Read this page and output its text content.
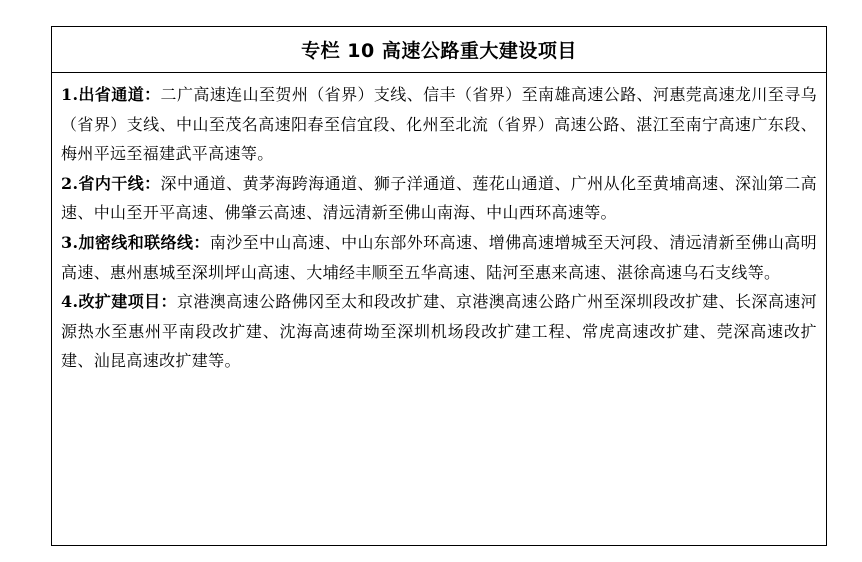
专栏 10 高速公路重大建设项目

1.出省通道：二广高速连山至贺州（省界）支线、信丰（省界）至南雄高速公路、河惠莞高速龙川至寻乌（省界）支线、中山至茂名高速阳春至信宜段、化州至北流（省界）高速公路、湛江至南宁高速广东段、梅州平远至福建武平高速等。

2.省内干线：深中通道、黄茅海跨海通道、狮子洋通道、莲花山通道、广州从化至黄埔高速、深汕第二高速、中山至开平高速、佛肇云高速、清远清新至佛山南海、中山西环高速等。

3.加密线和联络线：南沙至中山高速、中山东部外环高速、增佛高速增城至天河段、清远清新至佛山高明高速、惠州惠城至深圳坪山高速、大埔经丰顺至五华高速、陆河至惠来高速、湛徐高速乌石支线等。

4.改扩建项目：京港澳高速公路佛冈至太和段改扩建、京港澳高速公路广州至深圳段改扩建、长深高速河源热水至惠州平南段改扩建、沈海高速荷坳至深圳机场段改扩建工程、常虎高速改扩建、莞深高速改扩建、汕昆高速改扩建等。
